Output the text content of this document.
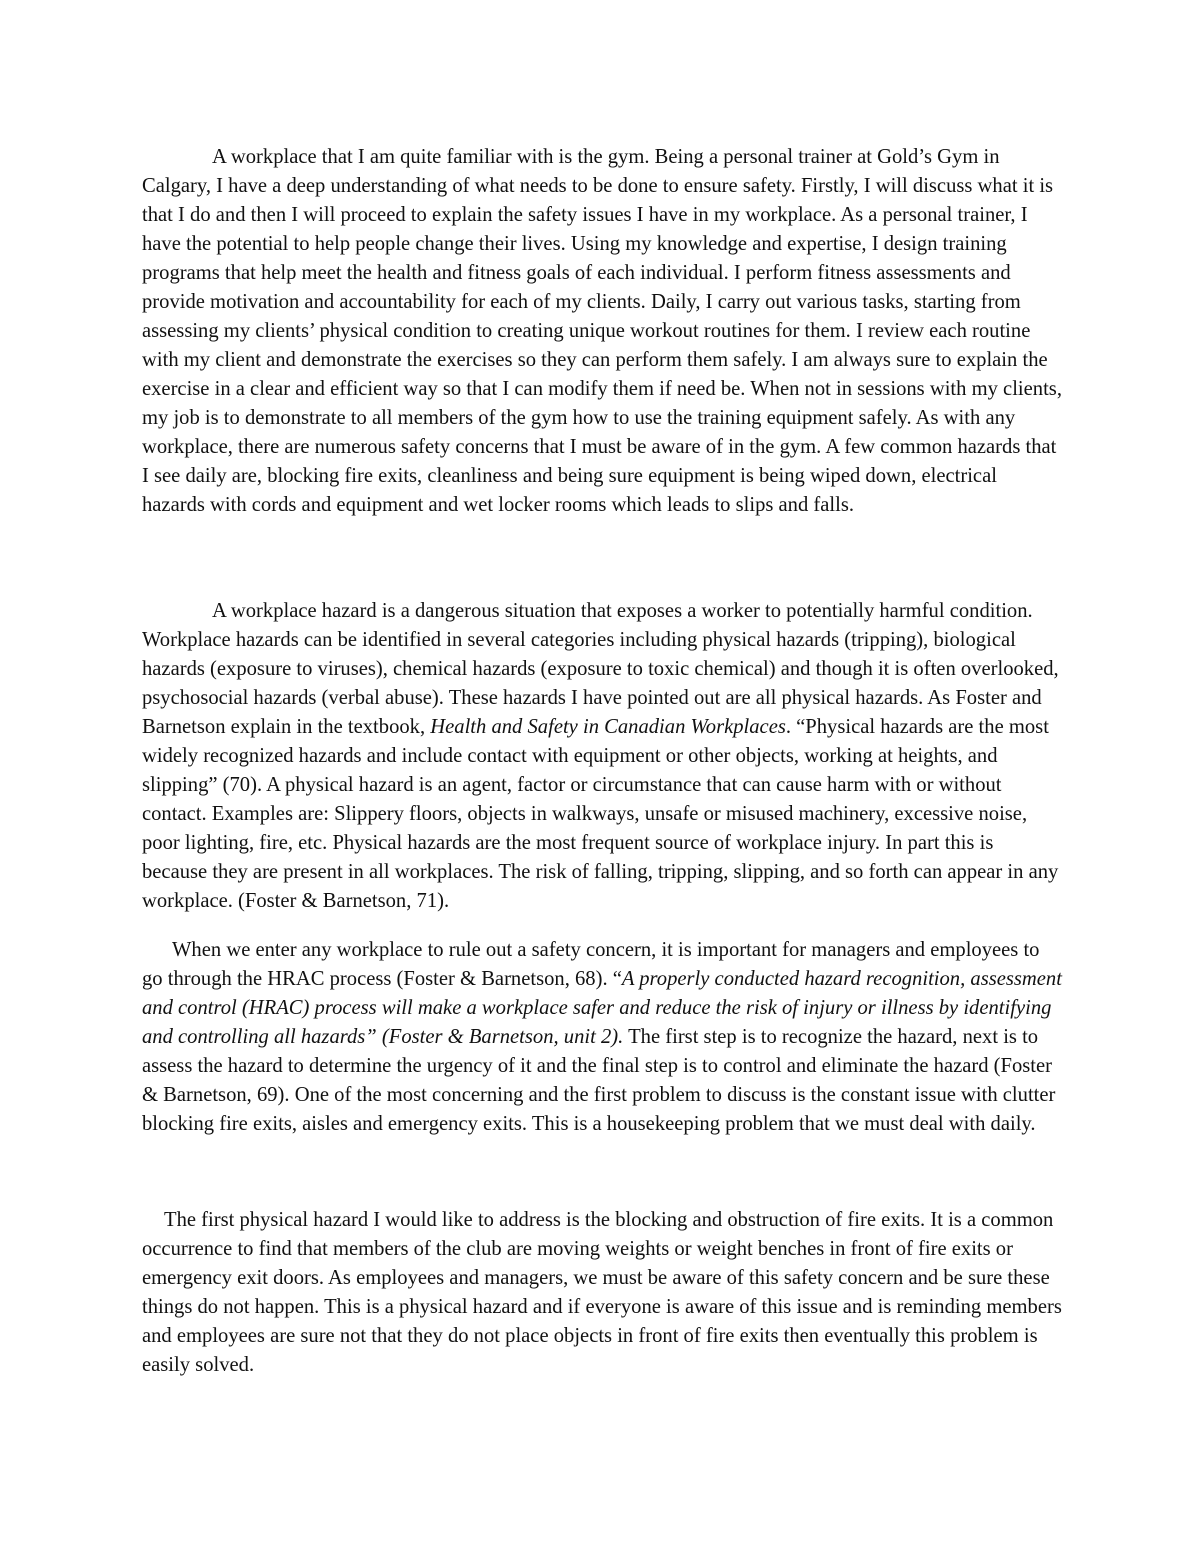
A workplace that I am quite familiar with is the gym. Being a personal trainer at Gold’s Gym in Calgary, I have a deep understanding of what needs to be done to ensure safety. Firstly, I will discuss what it is that I do and then I will proceed to explain the safety issues I have in my workplace. As a personal trainer, I have the potential to help people change their lives. Using my knowledge and expertise, I design training programs that help meet the health and fitness goals of each individual. I perform fitness assessments and provide motivation and accountability for each of my clients. Daily, I carry out various tasks, starting from assessing my clients’ physical condition to creating unique workout routines for them. I review each routine with my client and demonstrate the exercises so they can perform them safely. I am always sure to explain the exercise in a clear and efficient way so that I can modify them if need be. When not in sessions with my clients, my job is to demonstrate to all members of the gym how to use the training equipment safely. As with any workplace, there are numerous safety concerns that I must be aware of in the gym. A few common hazards that I see daily are, blocking fire exits, cleanliness and being sure equipment is being wiped down, electrical hazards with cords and equipment and wet locker rooms which leads to slips and falls.

A workplace hazard is a dangerous situation that exposes a worker to potentially harmful condition. Workplace hazards can be identified in several categories including physical hazards (tripping), biological hazards (exposure to viruses), chemical hazards (exposure to toxic chemical) and though it is often overlooked, psychosocial hazards (verbal abuse). These hazards I have pointed out are all physical hazards. As Foster and Barnetson explain in the textbook, Health and Safety in Canadian Workplaces. “Physical hazards are the most widely recognized hazards and include contact with equipment or other objects, working at heights, and slipping” (70). A physical hazard is an agent, factor or circumstance that can cause harm with or without contact. Examples are: Slippery floors, objects in walkways, unsafe or misused machinery, excessive noise, poor lighting, fire, etc. Physical hazards are the most frequent source of workplace injury. In part this is because they are present in all workplaces. The risk of falling, tripping, slipping, and so forth can appear in any workplace. (Foster & Barnetson, 71).

When we enter any workplace to rule out a safety concern, it is important for managers and employees to go through the HRAC process (Foster & Barnetson, 68). “A properly conducted hazard recognition, assessment and control (HRAC) process will make a workplace safer and reduce the risk of injury or illness by identifying and controlling all hazards” (Foster & Barnetson, unit 2). The first step is to recognize the hazard, next is to assess the hazard to determine the urgency of it and the final step is to control and eliminate the hazard (Foster & Barnetson, 69). One of the most concerning and the first problem to discuss is the constant issue with clutter blocking fire exits, aisles and emergency exits. This is a housekeeping problem that we must deal with daily.

The first physical hazard I would like to address is the blocking and obstruction of fire exits. It is a common occurrence to find that members of the club are moving weights or weight benches in front of fire exits or emergency exit doors. As employees and managers, we must be aware of this safety concern and be sure these things do not happen. This is a physical hazard and if everyone is aware of this issue and is reminding members and employees are sure not that they do not place objects in front of fire exits then eventually this problem is easily solved.
